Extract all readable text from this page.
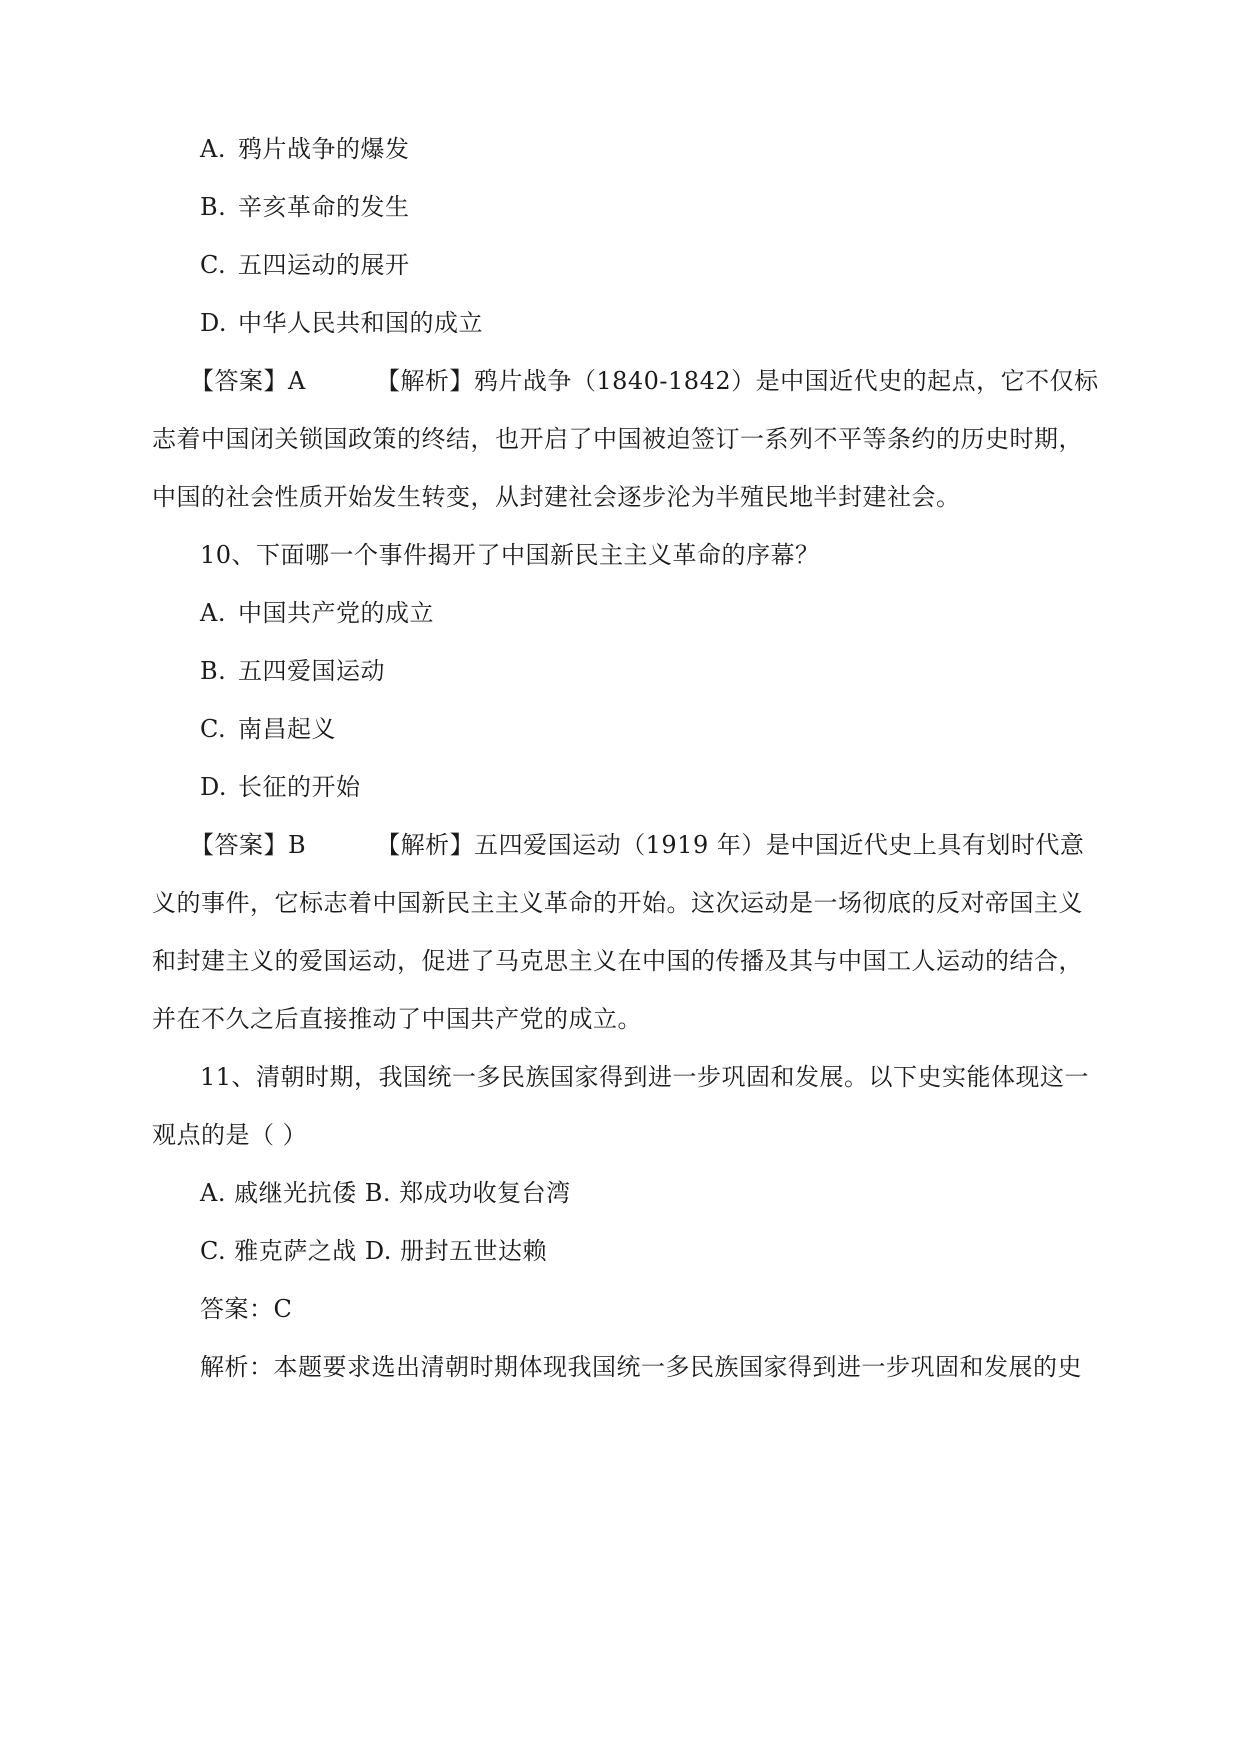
A. 鸦片战争的爆发
B. 辛亥革命的发生
C. 五四运动的展开
D. 中华人民共和国的成立
【答案】A	【解析】鸦片战争（1840-1842）是中国近代史的起点，它不仅标
志着中国闭关锁国政策的终结，也开启了中国被迫签订一系列不平等条约的历史时期，
中国的社会性质开始发生转变，从封建社会逐步沦为半殖民地半封建社会。
10、下面哪一个事件揭开了中国新民主主义革命的序幕？
A. 中国共产党的成立
B. 五四爱国运动
C. 南昌起义
D. 长征的开始
【答案】B	【解析】五四爱国运动（1919 年）是中国近代史上具有划时代意
义的事件，它标志着中国新民主主义革命的开始。这次运动是一场彻底的反对帝国主义
和封建主义的爱国运动，促进了马克思主义在中国的传播及其与中国工人运动的结合，
并在不久之后直接推动了中国共产党的成立。
11、清朝时期，我国统一多民族国家得到进一步巩固和发展。以下史实能体现这一
观点的是（ ）
A. 戚继光抗倭 B. 郑成功收复台湾
C. 雅克萨之战 D. 册封五世达赖
答案：C
解析：本题要求选出清朝时期体现我国统一多民族国家得到进一步巩固和发展的史
